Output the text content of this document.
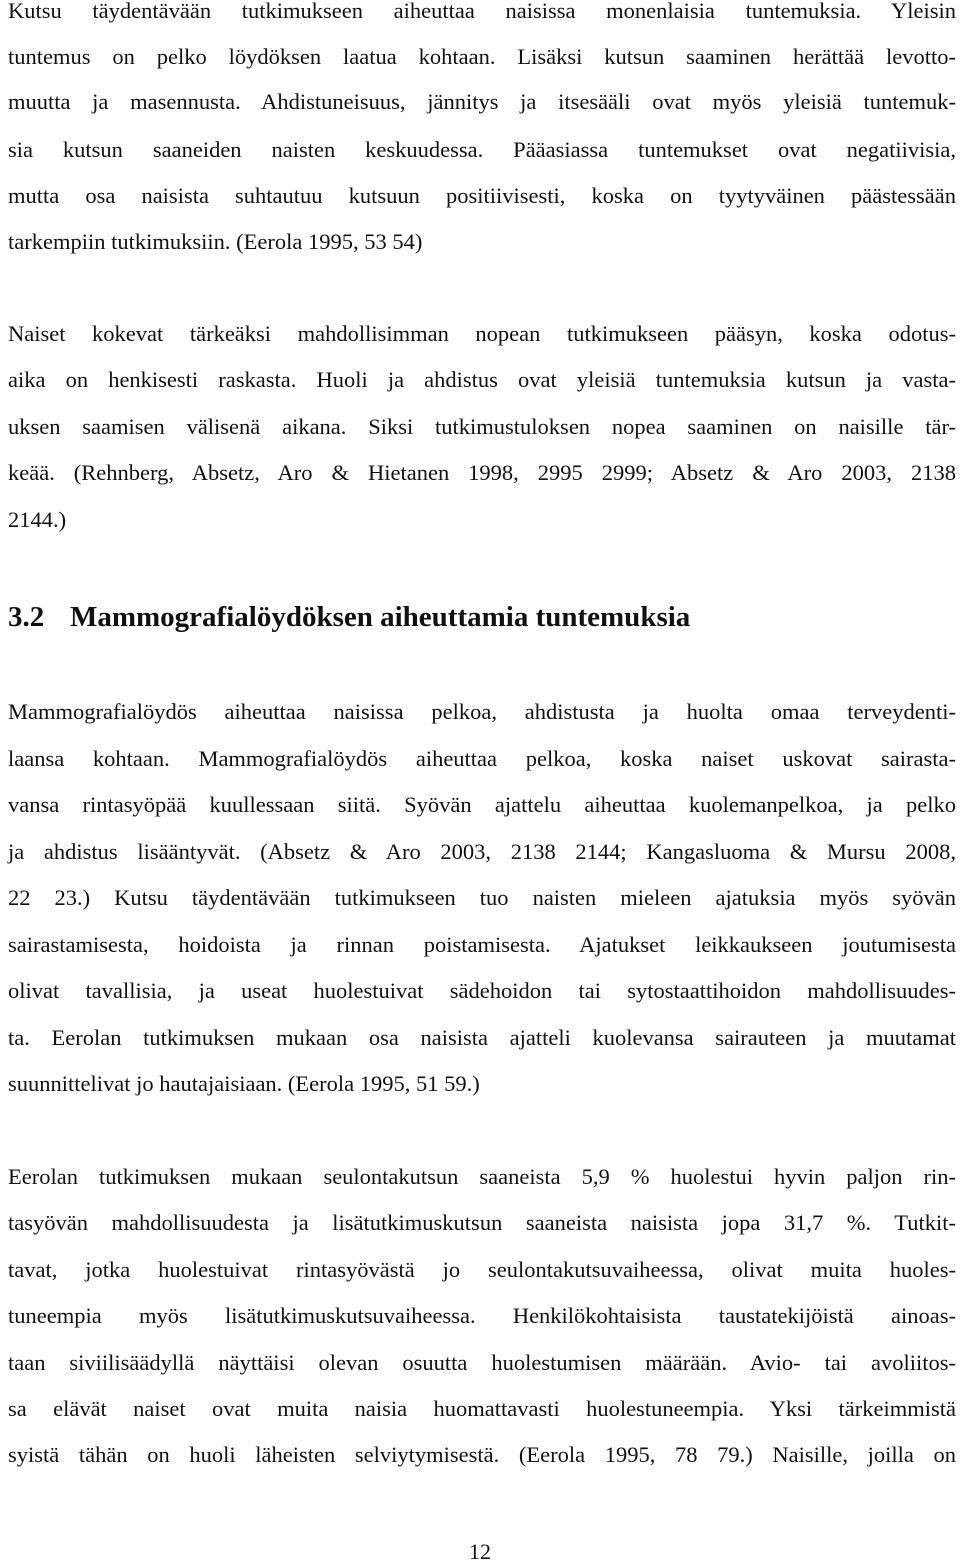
Kutsu täydentävään tutkimukseen aiheuttaa naisissa monenlaisia tuntemuksia. Yleisin
tuntemus on pelko löydöksen laatua kohtaan. Lisäksi kutsun saaminen herättää levotto-
muutta ja masennusta. Ahdistuneisuus, jännitys ja itsesääli ovat myös yleisiä tuntemuk-
sia kutsun saaneiden naisten keskuudessa. Pääasiassa tuntemukset ovat negatiivisia,
mutta osa naisista suhtautuu kutsuun positiivisesti, koska on tyytyväinen päästessään
tarkempiin tutkimuksiin. (Eerola 1995, 53 54)
Naiset kokevat tärkeäksi mahdollisimman nopean tutkimukseen pääsyn, koska odotus-
aika on henkisesti raskasta. Huoli ja ahdistus ovat yleisiä tuntemuksia kutsun ja vasta-
uksen saamisen välisenä aikana. Siksi tutkimustuloksen nopea saaminen on naisille tär-
keää. (Rehnberg, Absetz, Aro & Hietanen 1998, 2995 2999; Absetz & Aro 2003, 2138
2144.)
3.2 Mammografialöydöksen aiheuttamia tuntemuksia
Mammografialöydös aiheuttaa naisissa pelkoa, ahdistusta ja huolta omaa terveydenti-
laansa kohtaan. Mammografialöydös aiheuttaa pelkoa, koska naiset uskovat sairasta-
vansa rintasyöpää kuullessaan siitä. Syövän ajattelu aiheuttaa kuolemanpelkoa, ja pelko
ja ahdistus lisääntyvät. (Absetz & Aro 2003, 2138 2144; Kangasluoma & Mursu 2008,
22 23.) Kutsu täydentävään tutkimukseen tuo naisten mieleen ajatuksia myös syövän
sairastamisesta, hoidoista ja rinnan poistamisesta. Ajatukset leikkaukseen joutumisesta
olivat tavallisia, ja useat huolestuivat sädehoidon tai sytostaattihoidon mahdollisuudes-
ta. Eerolan tutkimuksen mukaan osa naisista ajatteli kuolevansa sairauteen ja muutamat
suunnittelivat jo hautajaisiaan. (Eerola 1995, 51 59.)
Eerolan tutkimuksen mukaan seulontakutsun saaneista 5,9 % huolestui hyvin paljon rin-
tasyövän mahdollisuudesta ja lisätutkimuskutsun saaneista naisista jopa 31,7 %. Tutkit-
tavat, jotka huolestuivat rintasyövästä jo seulontakutsuvaiheessa, olivat muita huoles-
tuneempia myös lisätutkimuskutsuvaiheessa. Henkilökohtaisista taustatekijöistä ainoas-
taan siviilisäädyllä näyttäisi olevan osuutta huolestumisen määrään. Avio- tai avoliitos-
sa elävät naiset ovat muita naisia huomattavasti huolestuneempia. Yksi tärkeimmistä
syistä tähän on huoli läheisten selviytymisestä. (Eerola 1995, 78 79.) Naisille, joilla on
12
